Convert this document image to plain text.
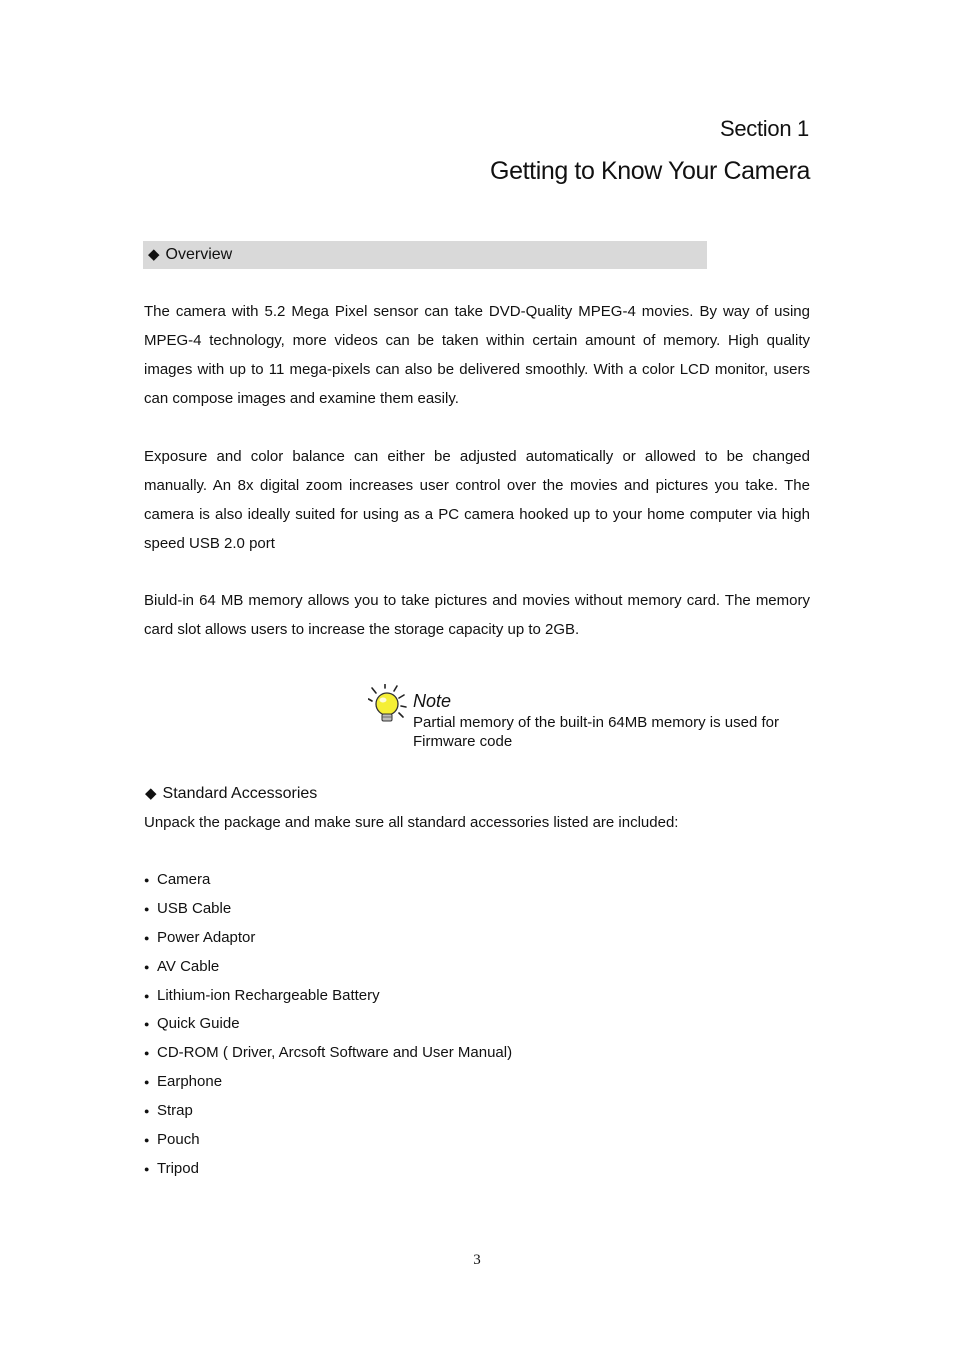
Section 1
Getting to Know Your Camera
◆ Overview

The camera with 5.2 Mega Pixel sensor can take DVD-Quality MPEG-4 movies. By way of using MPEG-4 technology, more videos can be taken within certain amount of memory. High quality images with up to 11 mega-pixels can also be delivered smoothly. With a color LCD monitor, users can compose images and examine them easily.

Exposure and color balance can either be adjusted automatically or allowed to be changed manually. An 8x digital zoom increases user control over the movies and pictures you take. The camera is also ideally suited for using as a PC camera hooked up to your home computer via high speed USB 2.0 port

Biuld-in 64 MB memory allows you to take pictures and movies without memory card. The memory card slot allows users to increase the storage capacity up to 2GB.

Note

Partial memory of the built-in 64MB memory is used for Firmware code

◆ Standard Accessories

Unpack the package and make sure all standard accessories listed are included:

● Camera
● USB Cable
● Power Adaptor
● AV Cable
● Lithium-ion Rechargeable Battery
● Quick Guide
● CD-ROM ( Driver, Arcsoft Software and User Manual)
● Earphone
● Strap
● Pouch
● Tripod
3
